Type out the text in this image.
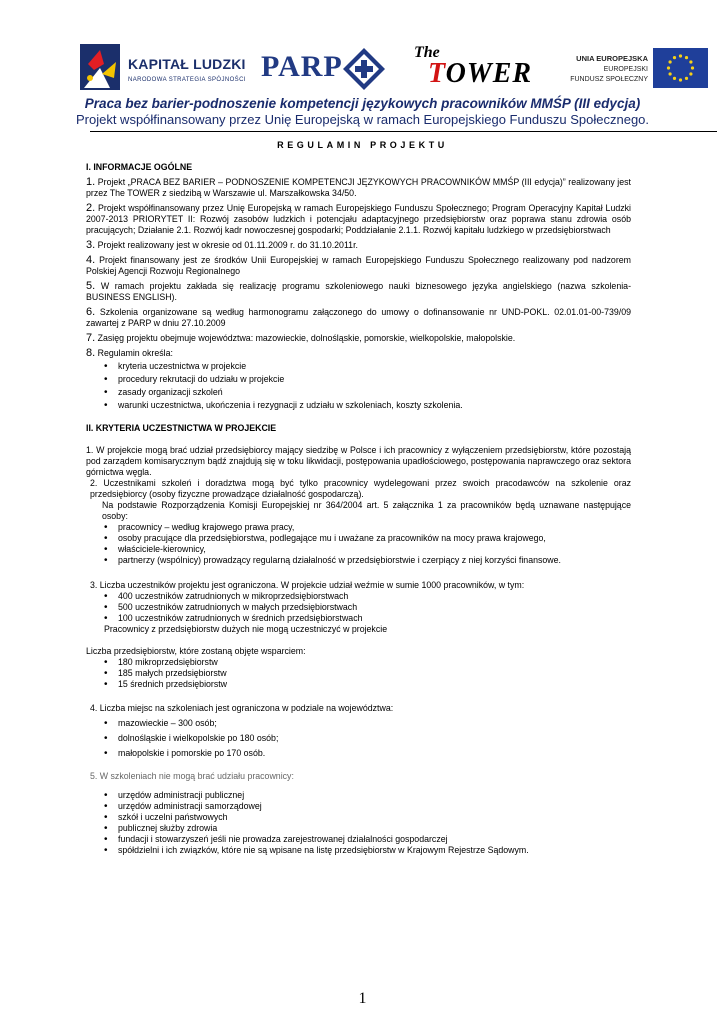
KAPITAŁ LUDZKI
NARODOWA STRATEGIA SPÓJNOŚCI PARP	The
TOWER	UNIA EUROPEJSKA
EUROPEJSKI
FUNDUSZ SPOŁECZNY
Praca bez barier-podnoszenie kompetencji językowych pracowników MMŚP (III edycja)
Projekt współfinansowany przez Unię Europejską w ramach Europejskiego Funduszu Społecznego.
REGULAMIN PROJEKTU

I. INFORMACJE OGÓLNE

1. Projekt „PRACA BEZ BARIER – PODNOSZENIE KOMPETENCJI JĘZYKOWYCH PRACOWNIKÓW MMŚP (III edycja)” realizowany jest przez The TOWER z siedzibą w Warszawie ul. Marszałkowska 34/50.

2. Projekt współfinansowany przez Unię Europejską w ramach Europejskiego Funduszu Społecznego; Program Operacyjny Kapitał Ludzki 2007-2013 PRIORYTET II: Rozwój zasobów ludzkich i potencjału adaptacyjnego przedsiębiorstw oraz poprawa stanu zdrowia osób pracujących; Działanie 2.1. Rozwój kadr nowoczesnej gospodarki; Poddziałanie 2.1.1. Rozwój kapitału ludzkiego w przedsiębiorstwach

3. Projekt realizowany jest w okresie od 01.11.2009 r. do 31.10.2011r.

4. Projekt finansowany jest ze środków Unii Europejskiej w ramach Europejskiego Funduszu Społecznego realizowany pod nadzorem Polskiej Agencji Rozwoju Regionalnego

5. W ramach projektu zakłada się realizację programu szkoleniowego nauki biznesowego języka angielskiego (nazwa szkolenia-BUSINESS ENGLISH).

6. Szkolenia organizowane są według harmonogramu załączonego do umowy o dofinansowanie nr UND-POKL. 02.01.01-00-739/09 zawartej z PARP w dniu 27.10.2009

7. Zasięg projektu obejmuje województwa: mazowieckie, dolnośląskie, pomorskie, wielkopolskie, małopolskie.

8. Regulamin określa:

• kryteria uczestnictwa w projekcie
• procedury rekrutacji do udziału w projekcie
• zasady organizacji szkoleń
• warunki uczestnictwa, ukończenia i rezygnacji z udziału w szkoleniach, koszty szkolenia.

II. KRYTERIA UCZESTNICTWA W PROJEKCIE

1. W projekcie mogą brać udział przedsiębiorcy mający siedzibę w Polsce i ich pracownicy z wyłączeniem przedsiębiorstw, które pozostają pod zarządem komisarycznym bądź znajdują się w toku likwidacji, postępowania upadłościowego, postępowania naprawczego oraz sektora górnictwa węgla.

2. Uczestnikami szkoleń i doradztwa mogą być tylko pracownicy wydelegowani przez swoich pracodawców na szkolenie oraz przedsiębiorcy (osoby fizyczne prowadzące działalność gospodarczą).

Na podstawie Rozporządzenia Komisji Europejskiej nr 364/2004 art. 5 załącznika 1 za pracowników będą uznawane następujące osoby:

• pracownicy – według krajowego prawa pracy,
• osoby pracujące dla przedsiębiorstwa, podlegające mu i uważane za pracowników na mocy prawa krajowego,
• właściciele-kierownicy,
• partnerzy (wspólnicy) prowadzący regularną działalność w przedsiębiorstwie i czerpiący z niej korzyści finansowe.

3. Liczba uczestników projektu jest ograniczona. W projekcie udział weźmie w sumie 1000 pracowników, w tym:

• 400 uczestników zatrudnionych w mikroprzedsiębiorstwach
• 500 uczestników zatrudnionych w małych przedsiębiorstwach
• 100 uczestników zatrudnionych w średnich przedsiębiorstwach

Pracownicy z przedsiębiorstw dużych nie mogą uczestniczyć w projekcie

Liczba przedsiębiorstw, które zostaną objęte wsparciem:

• 180 mikroprzedsiębiorstw
• 185 małych przedsiębiorstw
• 15 średnich przedsiębiorstw

4. Liczba miejsc na szkoleniach jest ograniczona w podziale na województwa:

• mazowieckie – 300 osób;
• dolnośląskie i wielkopolskie po 180 osób;
• małopolskie i pomorskie po 170 osób.

5. W szkoleniach nie mogą brać udziału pracownicy:

• urzędów administracji publicznej
• urzędów administracji samorządowej
• szkół i uczelni państwowych
• publicznej służby zdrowia
• fundacji i stowarzyszeń jeśli nie prowadza zarejestrowanej działalności gospodarczej
• spółdzielni i ich związków, które nie są wpisane na listę przedsiębiorstw w Krajowym Rejestrze Sądowym.
1
